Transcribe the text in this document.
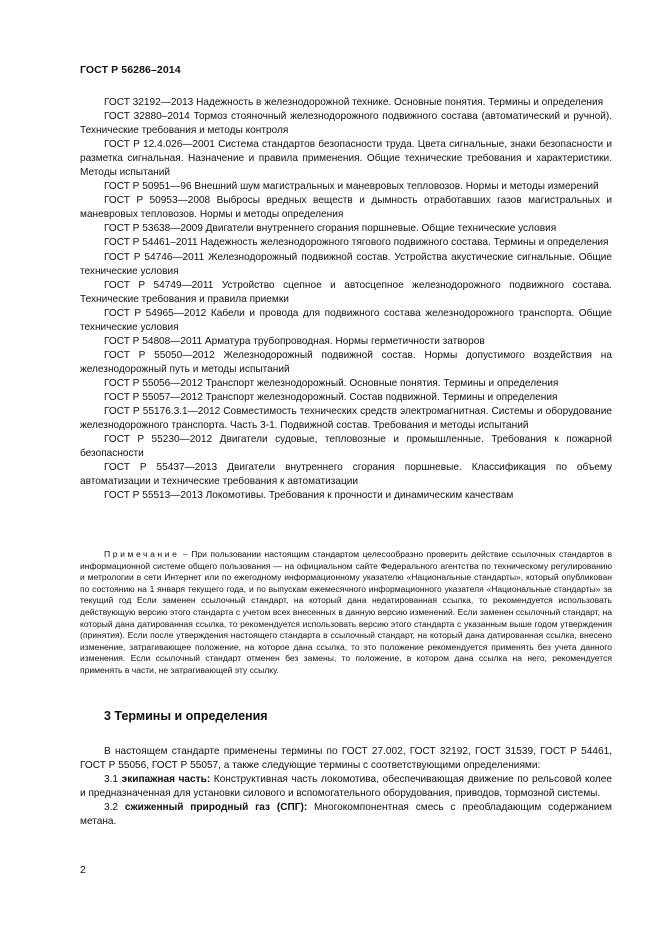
ГОСТ Р 56286–2014

ГОСТ 32192—2013 Надежность в железнодорожной технике. Основные понятия. Термины и определения

ГОСТ 32880–2014 Тормоз стояночный железнодорожного подвижного состава (автоматический и ручной). Технические требования и методы контроля

ГОСТ Р 12.4.026—2001 Система стандартов безопасности труда. Цвета сигнальные, знаки безопасности и разметка сигнальная. Назначение и правила применения. Общие технические требования и характеристики. Методы испытаний

ГОСТ Р 50951—96 Внешний шум магистральных и маневровых тепловозов. Нормы и методы измерений

ГОСТ Р 50953—2008 Выбросы вредных веществ и дымность отработавших газов магистральных и маневровых тепловозов. Нормы и методы определения

ГОСТ Р 53638—2009 Двигатели внутреннего сгорания поршневые. Общие технические условия

ГОСТ Р 54461–2011 Надежность железнодорожного тягового подвижного состава. Термины и определения

ГОСТ Р 54746—2011 Железнодорожный подвижной состав. Устройства акустические сигнальные. Общие технические условия

ГОСТ Р 54749—2011 Устройство сцепное и автосцепное железнодорожного подвижного состава. Технические требования и правила приемки

ГОСТ Р 54965—2012 Кабели и провода для подвижного состава железнодорожного транспорта. Общие технические условия

ГОСТ Р 54808—2011 Арматура трубопроводная. Нормы герметичности затворов

ГОСТ Р 55050—2012 Железнодорожный подвижной состав. Нормы допустимого воздействия на железнодорожный путь и методы испытаний

ГОСТ Р 55056—2012 Транспорт железнодорожный. Основные понятия. Термины и определения

ГОСТ Р 55057—2012 Транспорт железнодорожный. Состав подвижной. Термины и определения

ГОСТ Р 55176.3.1—2012 Совместимость технических средств электромагнитная. Системы и оборудование железнодорожного транспорта. Часть 3-1. Подвижной состав. Требования и методы испытаний

ГОСТ Р 55230—2012 Двигатели судовые, тепловозные и промышленные. Требования к пожарной безопасности

ГОСТ Р 55437—2013 Двигатели внутреннего сгорания поршневые. Классификация по объему автоматизации и технические требования к автоматизации

ГОСТ Р 55513—2013 Локомотивы. Требования к прочности и динамическим качествам

Примечание – При пользовании настоящим стандартом целесообразно проверить действие ссылочных стандартов в информационной системе общего пользования — на официальном сайте Федерального агентства по техническому регулированию и метрологии в сети Интернет или по ежегодному информационному указателю «Национальные стандарты», который опубликован по состоянию на 1 января текущего года, и по выпускам ежемесячного информационного указателя «Национальные стандарты» за текущий год Если заменен ссылочный стандарт, на который дана недатированная ссылка, то рекомендуется использовать действующую версию этого стандарта с учетом всех внесенных в данную версию изменений. Если заменен ссылочный стандарт, на который дана датированная ссылка, то рекомендуется использовать версию этого стандарта с указанным выше годом утверждения (принятия). Если после утверждения настоящего стандарта в ссылочный стандарт, на который дана датированная ссылка, внесено изменение, затрагивающее положение, на которое дана ссылка, то это положение рекомендуется применять без учета данного изменения. Если ссылочный стандарт отменен без замены, то положение, в котором дана ссылка на него, рекомендуется применять в части, не затрагивающей эту ссылку.

3 Термины и определения

В настоящем стандарте применены термины по ГОСТ 27.002, ГОСТ 32192, ГОСТ 31539, ГОСТ Р 54461, ГОСТ Р 55056, ГОСТ Р 55057, а также следующие термины с соответствующими определениями:

3.1 экипажная часть: Конструктивная часть локомотива, обеспечивающая движение по рельсовой колее и предназначенная для установки силового и вспомогательного оборудования, приводов, тормозной системы.

3.2 сжиженный природный газ (СПГ): Многокомпонентная смесь с преобладающим содержанием метана.

2
